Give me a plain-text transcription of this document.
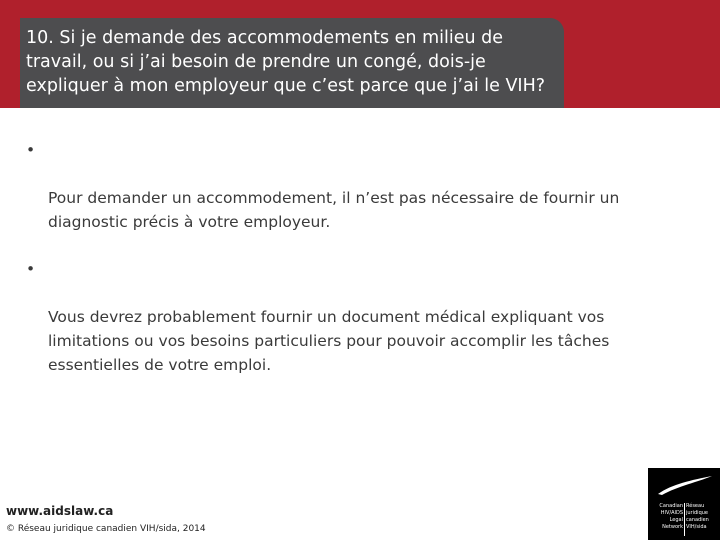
10. Si je demande des accommodements en milieu de
travail, ou si j’ai besoin de prendre un congé, dois-je
expliquer à mon employeur que c’est parce que j’ai le VIH?

•

Pour demander un accommodement, il n’est pas nécessaire de fournir un
diagnostic précis à votre employeur.

•

Vous devrez probablement fournir un document médical expliquant vos
limitations ou vos besoins particuliers pour pouvoir accomplir les tâches
essentielles de votre emploi.

www.aidslaw.ca
© Réseau juridique canadien VIH/sida, 2014
Canadian
HIV/AIDS
Legal
Network
Réseau
juridique
canadien
VIH/sida
